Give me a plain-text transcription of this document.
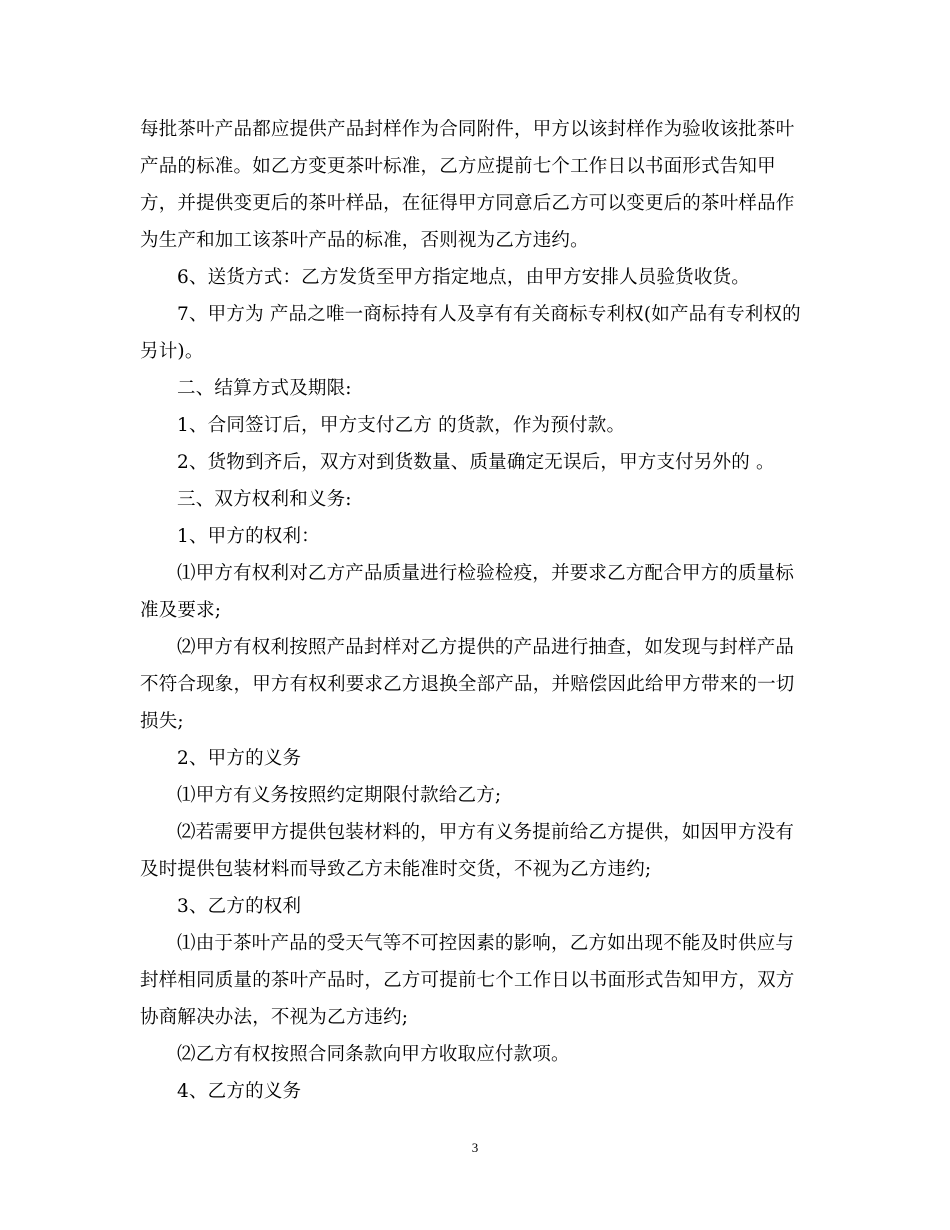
每批茶叶产品都应提供产品封样作为合同附件，甲方以该封样作为验收该批茶叶
产品的标准。如乙方变更茶叶标准，乙方应提前七个工作日以书面形式告知甲
方，并提供变更后的茶叶样品，在征得甲方同意后乙方可以变更后的茶叶样品作
为生产和加工该茶叶产品的标准，否则视为乙方违约。
6、送货方式：乙方发货至甲方指定地点，由甲方安排人员验货收货。
7、甲方为 产品之唯一商标持有人及享有有关商标专利权(如产品有专利权的
另计)。
二、结算方式及期限:
1、合同签订后，甲方支付乙方 的货款，作为预付款。
2、货物到齐后，双方对到货数量、质量确定无误后，甲方支付另外的 。
三、双方权利和义务:
1、甲方的权利：
⑴甲方有权利对乙方产品质量进行检验检疫，并要求乙方配合甲方的质量标
准及要求;
⑵甲方有权利按照产品封样对乙方提供的产品进行抽查，如发现与封样产品
不符合现象，甲方有权利要求乙方退换全部产品，并赔偿因此给甲方带来的一切
损失;
2、甲方的义务
⑴甲方有义务按照约定期限付款给乙方;
⑵若需要甲方提供包装材料的，甲方有义务提前给乙方提供，如因甲方没有
及时提供包装材料而导致乙方未能准时交货，不视为乙方违约;
3、乙方的权利
⑴由于茶叶产品的受天气等不可控因素的影响，乙方如出现不能及时供应与
封样相同质量的茶叶产品时，乙方可提前七个工作日以书面形式告知甲方，双方
协商解决办法，不视为乙方违约;
⑵乙方有权按照合同条款向甲方收取应付款项。
4、乙方的义务
3
